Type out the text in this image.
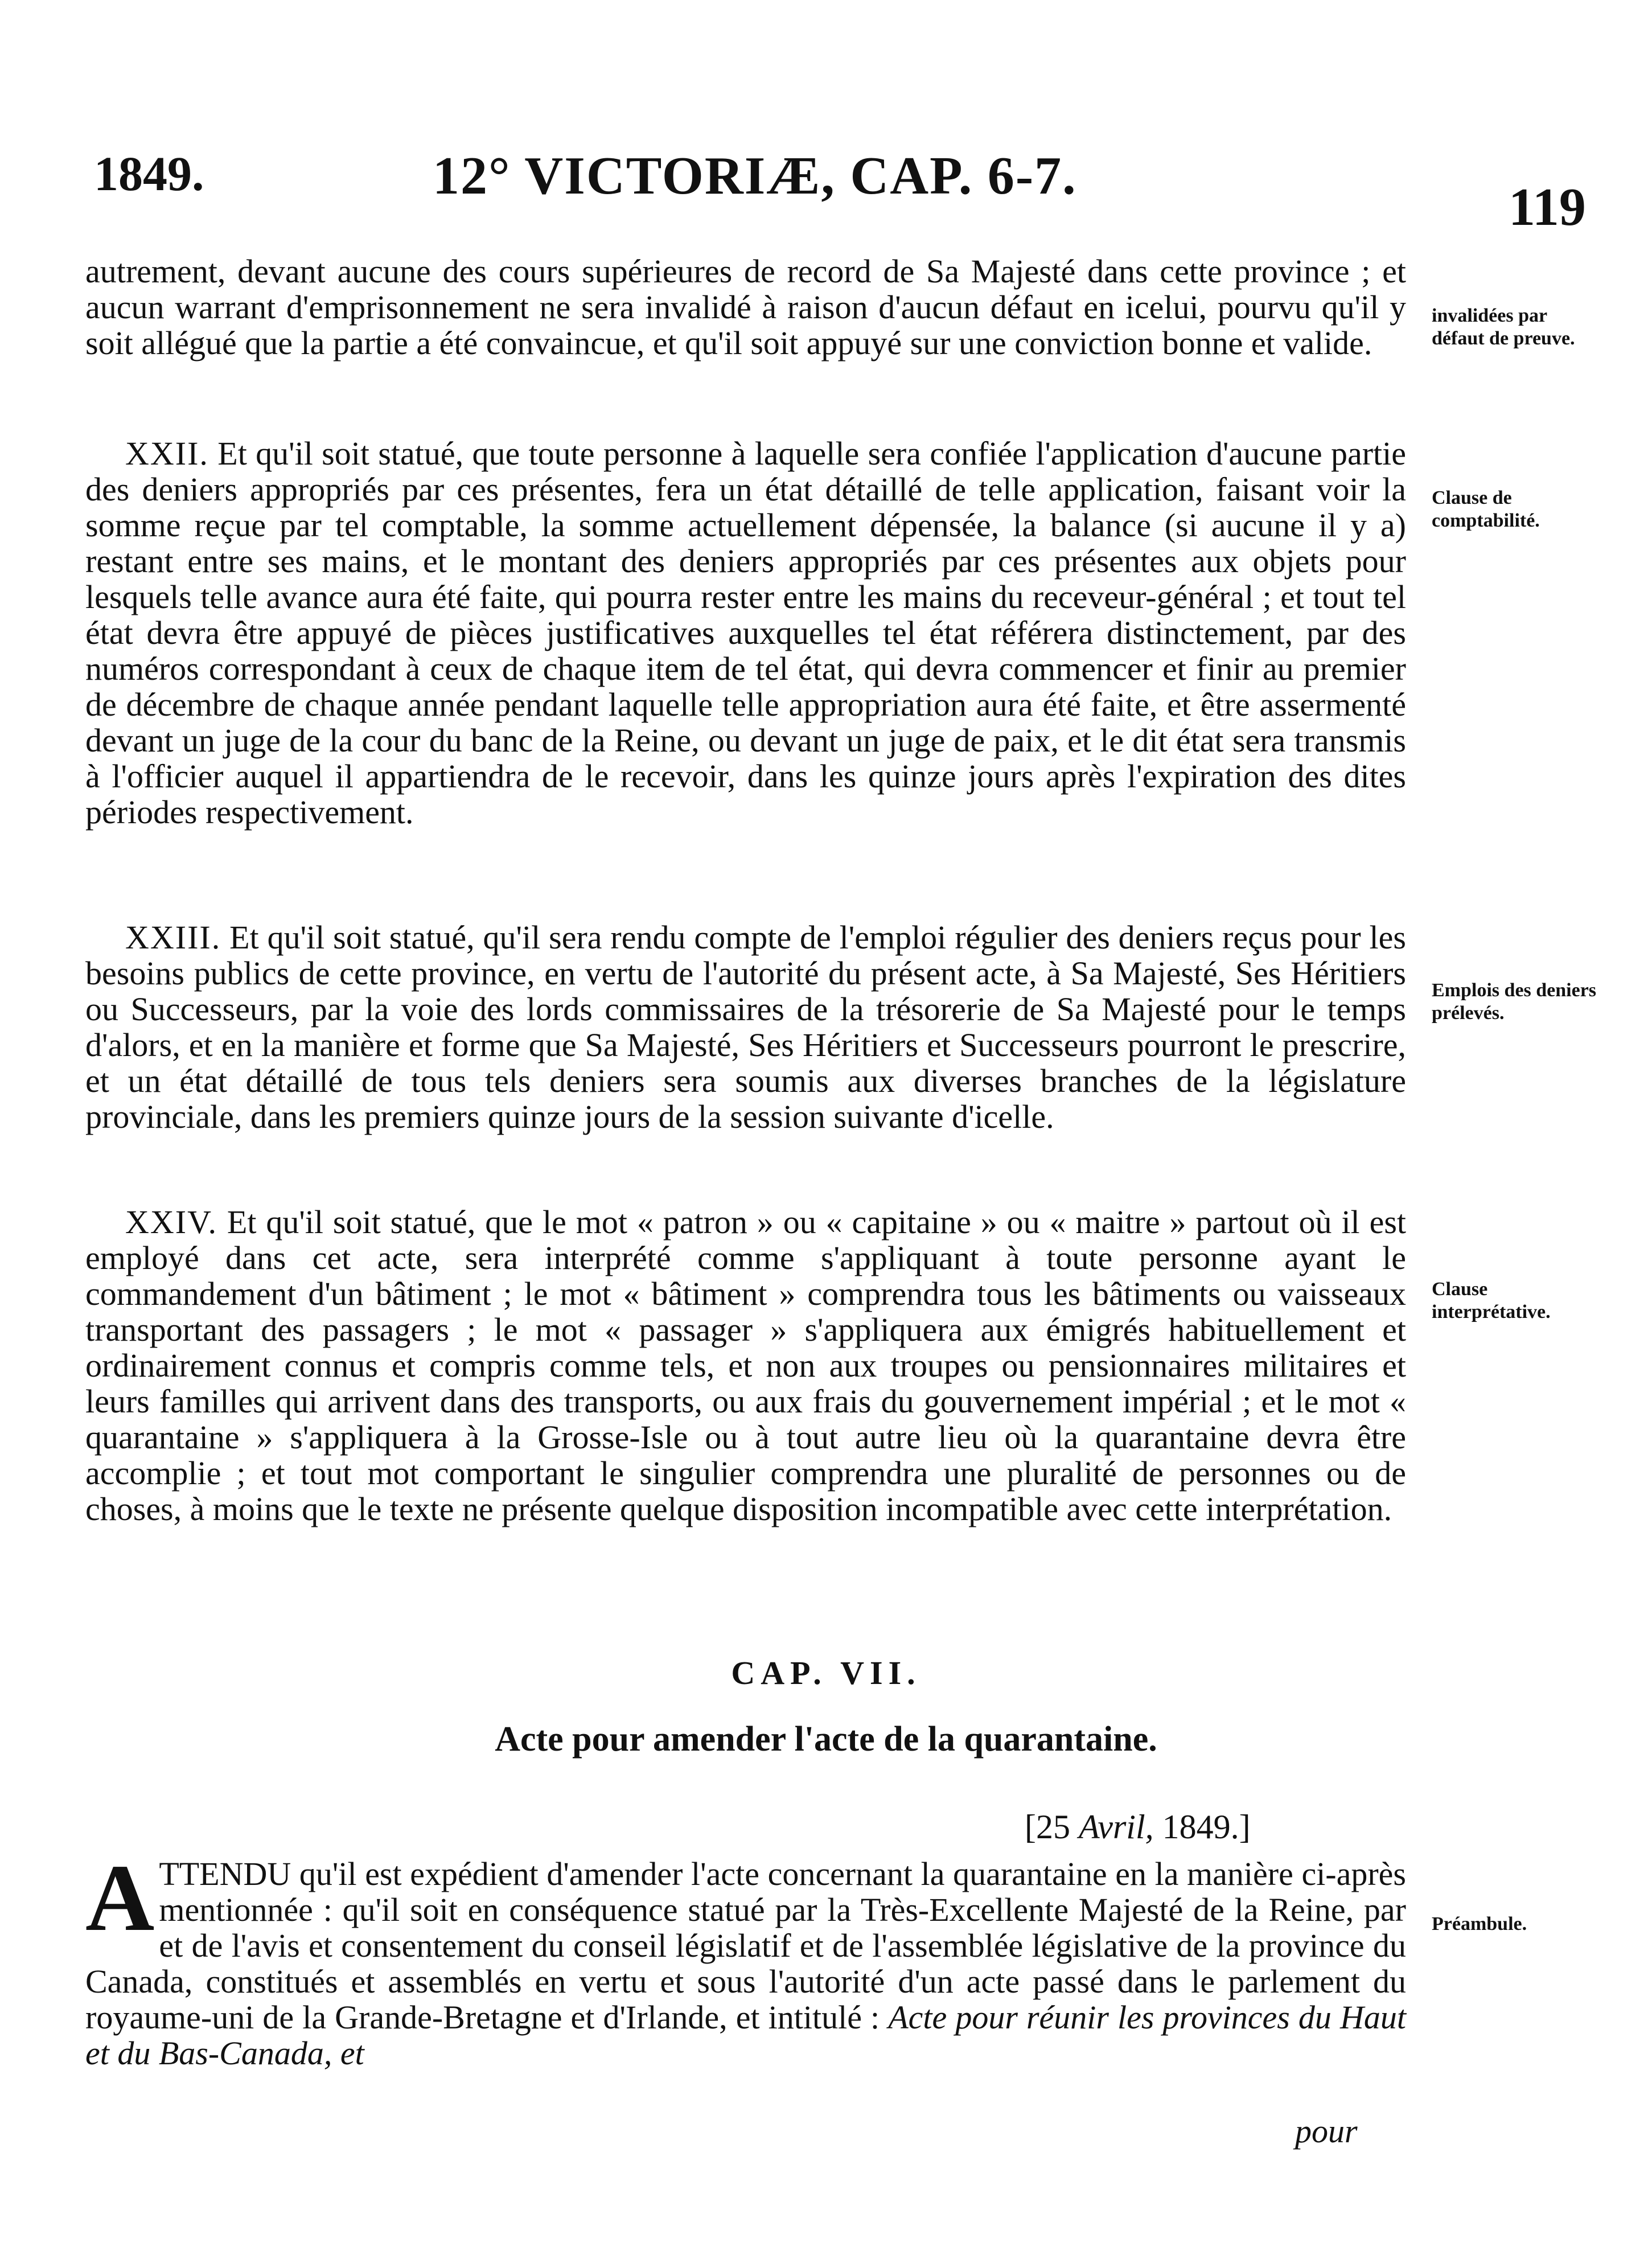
1849.	12° VICTORIÆ, CAP. 6-7.
119

autrement, devant aucune des cours supérieures de record de Sa Majesté dans cette province ; et aucun warrant d'emprisonnement ne sera invalidé à raison d'aucun défaut en icelui, pourvu qu'il y soit allégué que la partie a été convaincue, et qu'il soit appuyé sur une conviction bonne et valide.

XXII. Et qu'il soit statué, que toute personne à laquelle sera confiée l'application d'aucune partie des deniers appropriés par ces présentes, fera un état détaillé de telle application, faisant voir la somme reçue par tel comptable, la somme actuellement dépensée, la balance (si aucune il y a) restant entre ses mains, et le montant des deniers appropriés par ces présentes aux objets pour lesquels telle avance aura été faite, qui pourra rester entre les mains du receveur-général ; et tout tel état devra être appuyé de pièces justificatives auxquelles tel état référera distinctement, par des numéros correspondant à ceux de chaque item de tel état, qui devra commencer et finir au premier de décembre de chaque année pendant laquelle telle appropriation aura été faite, et être assermenté devant un juge de la cour du banc de la Reine, ou devant un juge de paix, et le dit état sera transmis à l'officier auquel il appartiendra de le recevoir, dans les quinze jours après l'expiration des dites périodes respectivement.

XXIII. Et qu'il soit statué, qu'il sera rendu compte de l'emploi régulier des deniers reçus pour les besoins publics de cette province, en vertu de l'autorité du présent acte, à Sa Majesté, Ses Héritiers ou Successeurs, par la voie des lords commissaires de la trésorerie de Sa Majesté pour le temps d'alors, et en la manière et forme que Sa Majesté, Ses Héritiers et Successeurs pourront le prescrire, et un état détaillé de tous tels deniers sera soumis aux diverses branches de la législature provinciale, dans les premiers quinze jours de la session suivante d'icelle.

XXIV. Et qu'il soit statué, que le mot « patron » ou « capitaine » ou « maitre » partout où il est employé dans cet acte, sera interprété comme s'appliquant à toute personne ayant le commandement d'un bâtiment ; le mot « bâtiment » comprendra tous les bâtiments ou vaisseaux transportant des passagers ; le mot « passager » s'appliquera aux émigrés habituellement et ordinairement connus et compris comme tels, et non aux troupes ou pensionnaires militaires et leurs familles qui arrivent dans des transports, ou aux frais du gouvernement impérial ; et le mot « quarantaine » s'appliquera à la Grosse-Isle ou à tout autre lieu où la quarantaine devra être accomplie ; et tout mot comportant le singulier comprendra une pluralité de personnes ou de choses, à moins que le texte ne présente quelque disposition incompatible avec cette interprétation.

invalidées par défaut de preuve.
Clause de comptabilité.
Emplois des deniers prélevés.
Clause interprétative.
Préambule.
CAP. VII.
Acte pour amender l'acte de la quarantaine.
[25 Avril, 1849.]
ATTENDU qu'il est expédient d'amender l'acte concernant la quarantaine en la manière ci-après mentionnée : qu'il soit en conséquence statué par la Très-Excellente Majesté de la Reine, par et de l'avis et consentement du conseil législatif et de l'assemblée législative de la province du Canada, constitués et assemblés en vertu et sous l'autorité d'un acte passé dans le parlement du royaume-uni de la Grande-Bretagne et d'Irlande, et intitulé : Acte pour réunir les provinces du Haut et du Bas-Canada, et
pour
